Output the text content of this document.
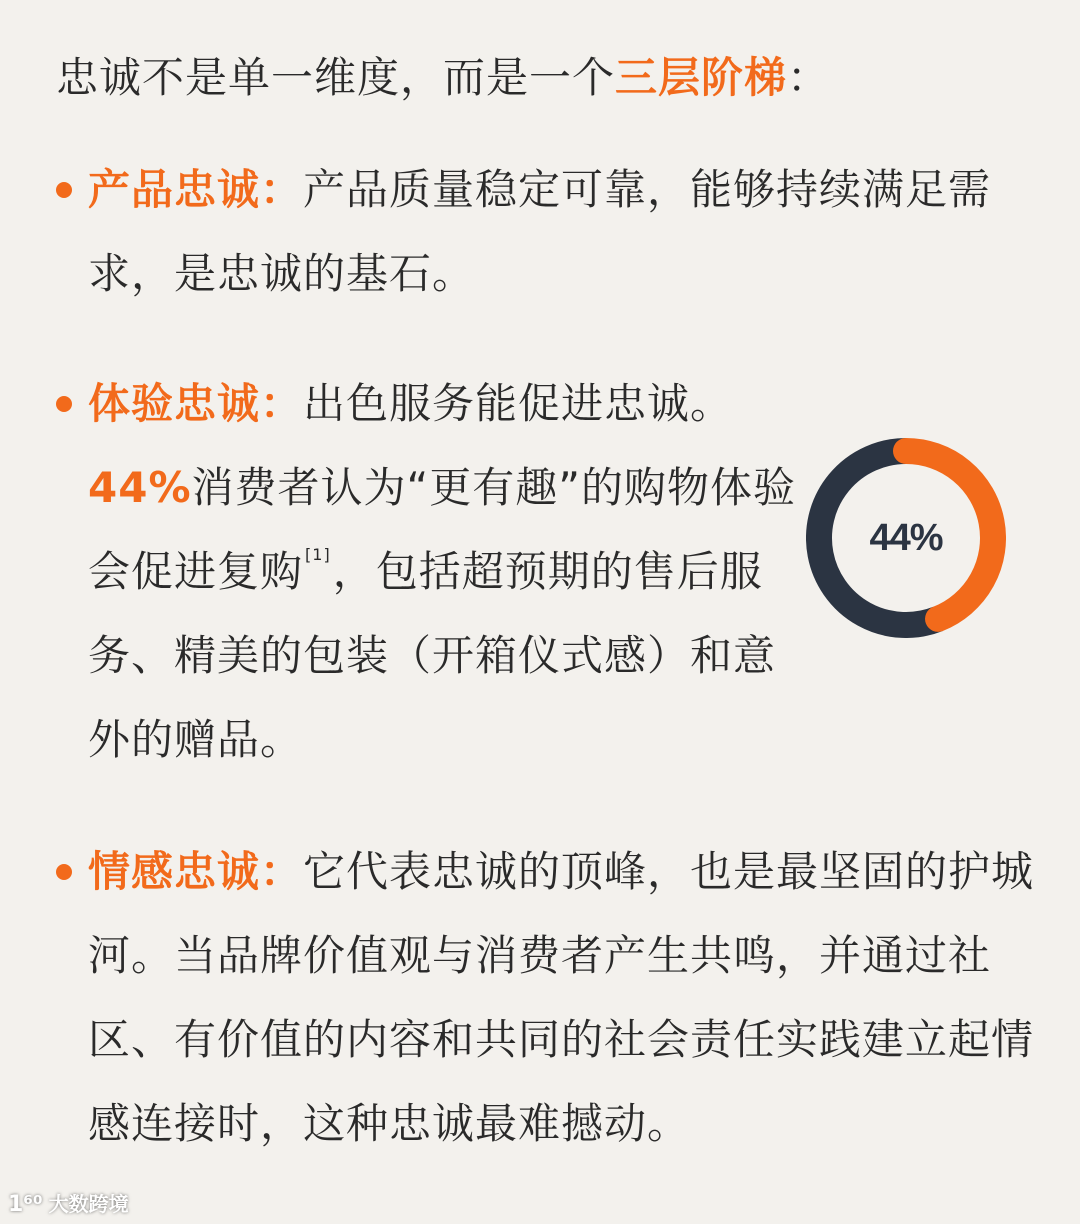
忠诚不是单一维度，而是一个三层阶梯：
产品忠诚：产品质量稳定可靠，能够持续满足需求，是忠诚的基石。
体验忠诚：出色服务能促进忠诚。
44%消费者认为“更有趣”的购物体验会促进复购 [1]，包括超预期的售后服务、精美的包装（开箱仪式感）和意外的赠品。
44%
情感忠诚：它代表忠诚的顶峰，也是最坚固的护城河。当品牌价值观与消费者产生共鸣，并通过社区、有价值的内容和共同的社会责任实践建立起情感连接时，这种忠诚最难撼动。
1⁶⁰ 大数跨境
